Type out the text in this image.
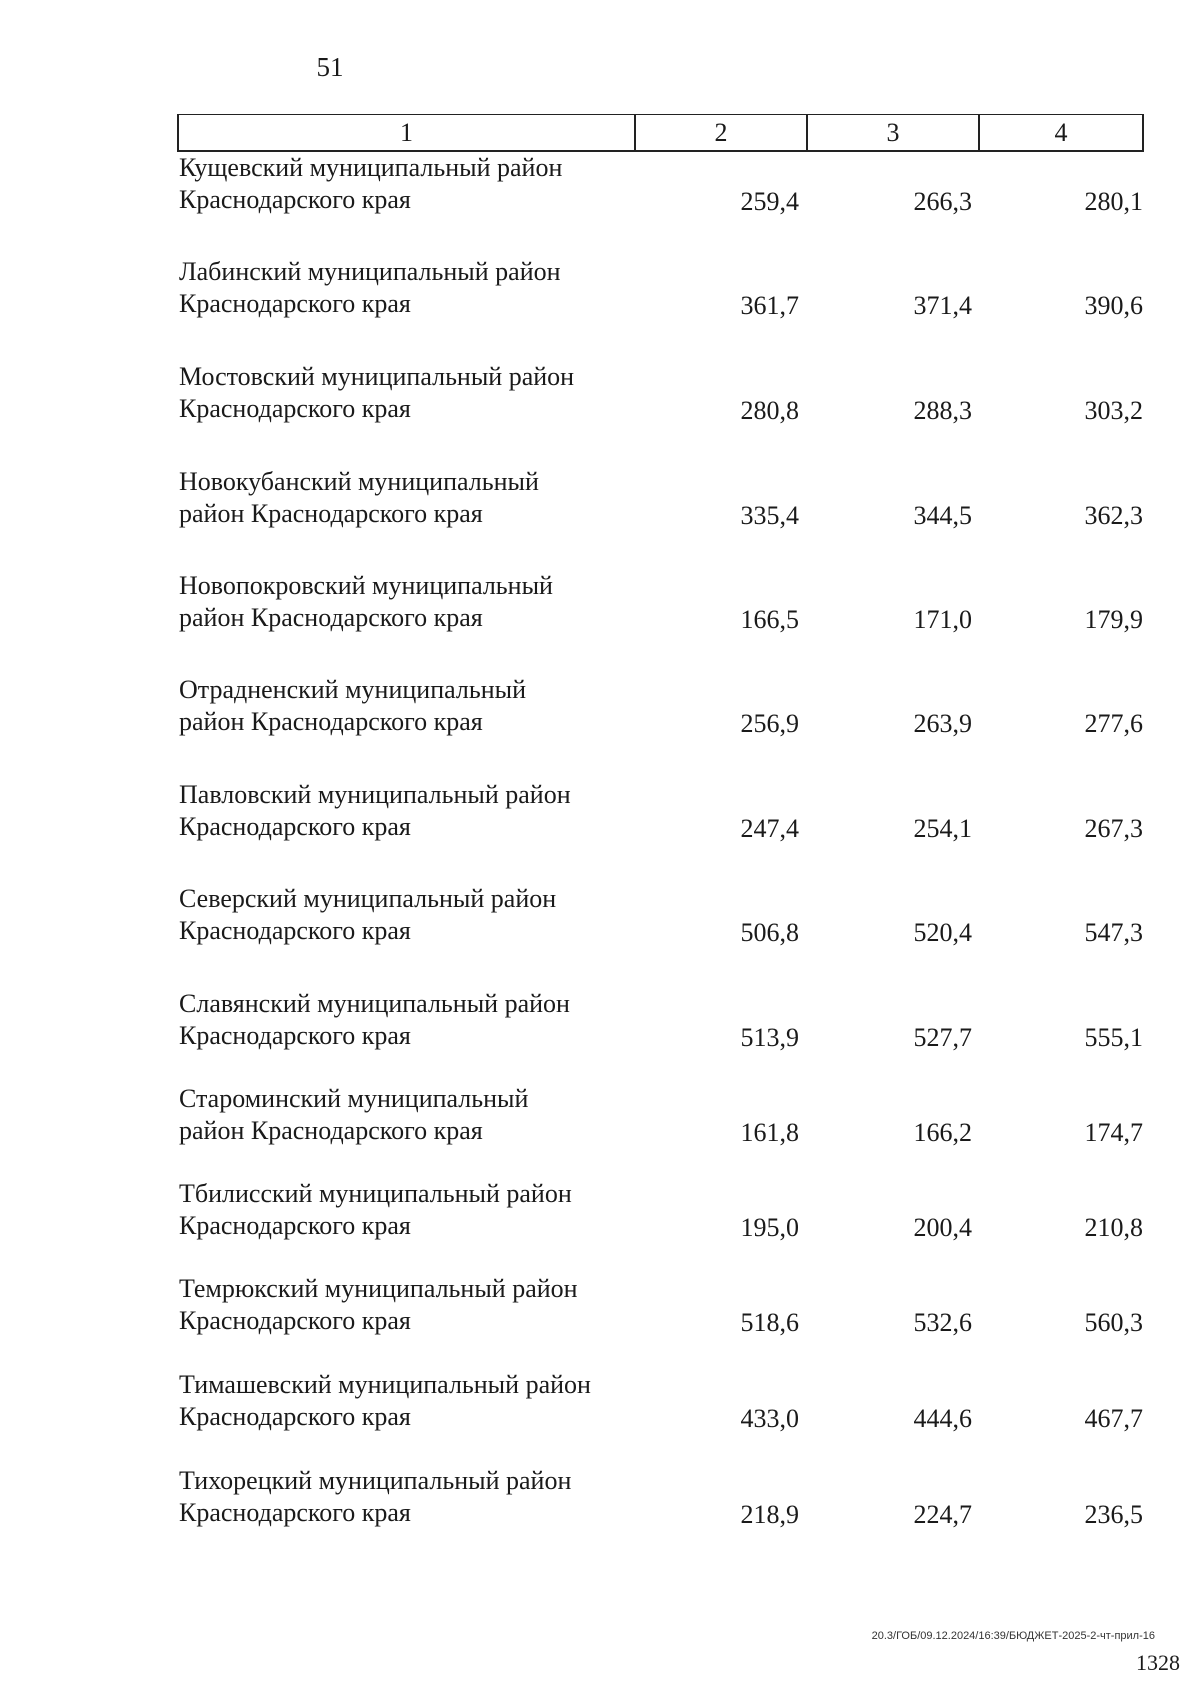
51
1	2	3	4
Кущевский муниципальный район
Краснодарского края	259,4	266,3	280,1
Лабинский муниципальный район
Краснодарского края	361,7	371,4	390,6
Мостовский муниципальный район
Краснодарского края	280,8	288,3	303,2
Новокубанский муниципальный
район Краснодарского края	335,4	344,5	362,3
Новопокровский муниципальный
район Краснодарского края	166,5	171,0	179,9
Отрадненский муниципальный
район Краснодарского края	256,9	263,9	277,6
Павловский муниципальный район
Краснодарского края	247,4	254,1	267,3
Северский муниципальный район
Краснодарского края	506,8	520,4	547,3
Славянский муниципальный район
Краснодарского края	513,9	527,7	555,1
Староминский муниципальный
район Краснодарского края	161,8	166,2	174,7
Тбилисский муниципальный район
Краснодарского края	195,0	200,4	210,8
Темрюкский муниципальный район
Краснодарского края	518,6	532,6	560,3
Тимашевский муниципальный район
Краснодарского края	433,0	444,6	467,7
Тихорецкий муниципальный район
Краснодарского края	218,9	224,7	236,5
20.3/ГОБ/09.12.2024/16:39/БЮДЖЕТ-2025-2-чт-прил-16
1328
